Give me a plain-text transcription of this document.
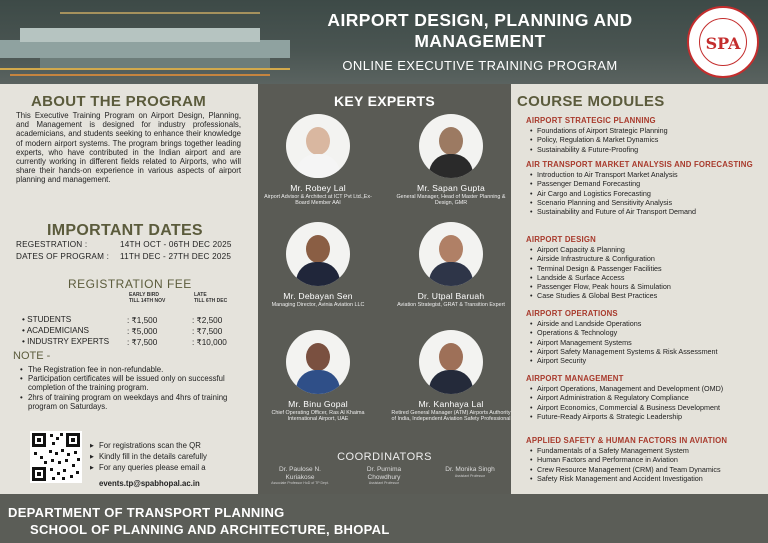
AIRPORT DESIGN, PLANNING AND MANAGEMENT
ONLINE EXECUTIVE TRAINING PROGRAM
SPA
ABOUT THE PROGRAM
This Executive Training Program on Airport Design, Planning, and Management is designed for industry professionals, academicians, and students seeking to enhance their knowledge of modern airport systems. The program brings together leading experts, who have contributed in the Indian airport and are currently working in different fields related to Airports, who will share their hands-on experience in various aspects of airport planning and management.
IMPORTANT DATES
REGESTRATION :	14TH OCT - 06TH DEC 2025
DATES OF PROGRAM : 11TH DEC - 27TH DEC 2025
REGISTRATION FEE
EARLY BIRD
TILL 14TH NOV
LATE
TILL 6TH DEC
• STUDENTS	: ₹1,500	: ₹2,500
• ACADEMICIANS	: ₹5,000	: ₹7,500
• INDUSTRY EXPERTS : ₹7,500	: ₹10,000
NOTE -
• The Registration fee in non-refundable.
• Participation certificates will be issued only on successful completion of the training program.
• 2hrs of training program on weekdays and 4hrs of training program on Saturdays.
▶ For registrations scan the QR
▶ Kindly fill in the details carefully
▶ For any queries please email a
events.tp@spabhopal.ac.in
KEY EXPERTS
Mr. Robey Lal
Airport Advisor & Architect at ICT Pvt Ltd.,Ex- Board Member AAI
Mr. Sapan Gupta
General Manager, Head of Master Planning & Design, GMR
Mr. Debayan Sen
Managing Director, Avinia Aviation LLC
Dr. Utpal Baruah
Aviation Strategist, GRAT & Transition Expert
Mr. Binu Gopal
Chief Operating Officer, Ras Al Khaima International Airport, UAE
Mr. Kanhaya Lal
Retired General Manager (ATM) Airports Authority of India, Independent Aviation Safety Professional
COORDINATORS
Dr. Paulose N. Kuriakose
Associate Professor HoD of TP Dept.
Dr. Purnima Chowdhury
Assistant Professor
Dr. Monika Singh
Assistant Professor
COURSE MODULES
AIRPORT STRATEGIC PLANNING
• Foundations of Airport Strategic Planning
• Policy, Regulation & Market Dynamics
• Sustainability & Future-Proofing
AIR TRANSPORT MARKET ANALYSIS AND FORECASTING
• Introduction to Air Transport Market Analysis
• Passenger Demand Forecasting
• Air Cargo and Logistics Forecasting
• Scenario Planning and Sensitivity Analysis
• Sustainability and Future of Air Transport Demand
AIRPORT DESIGN
• Airport Capacity & Planning
• Airside Infrastructure & Configuration
• Terminal Design & Passenger Facilities
• Landside & Surface Access
• Passenger Flow, Peak hours & Simulation
• Case Studies & Global Best Practices
AIRPORT OPERATIONS
• Airside and Landside Operations
• Operations & Technology
• Airport Management Systems
• Airport Safety Management Systems & Risk Assessment
• Airport Security
AIRPORT MANAGEMENT
• Airport Operations, Management and Development (OMD)
• Airport Administration & Regulatory Compliance
• Airport Economics, Commercial & Business Development
• Future-Ready Airports & Strategic Leadership
APPLIED SAFETY & HUMAN FACTORS IN AVIATION
• Fundamentals of a Safety Management System
• Human Factors and Performance in Aviation
• Crew Resource Management (CRM) and Team Dynamics
• Safety Risk Management and Accident Investigation
DEPARTMENT OF TRANSPORT PLANNING
SCHOOL OF PLANNING AND ARCHITECTURE, BHOPAL
